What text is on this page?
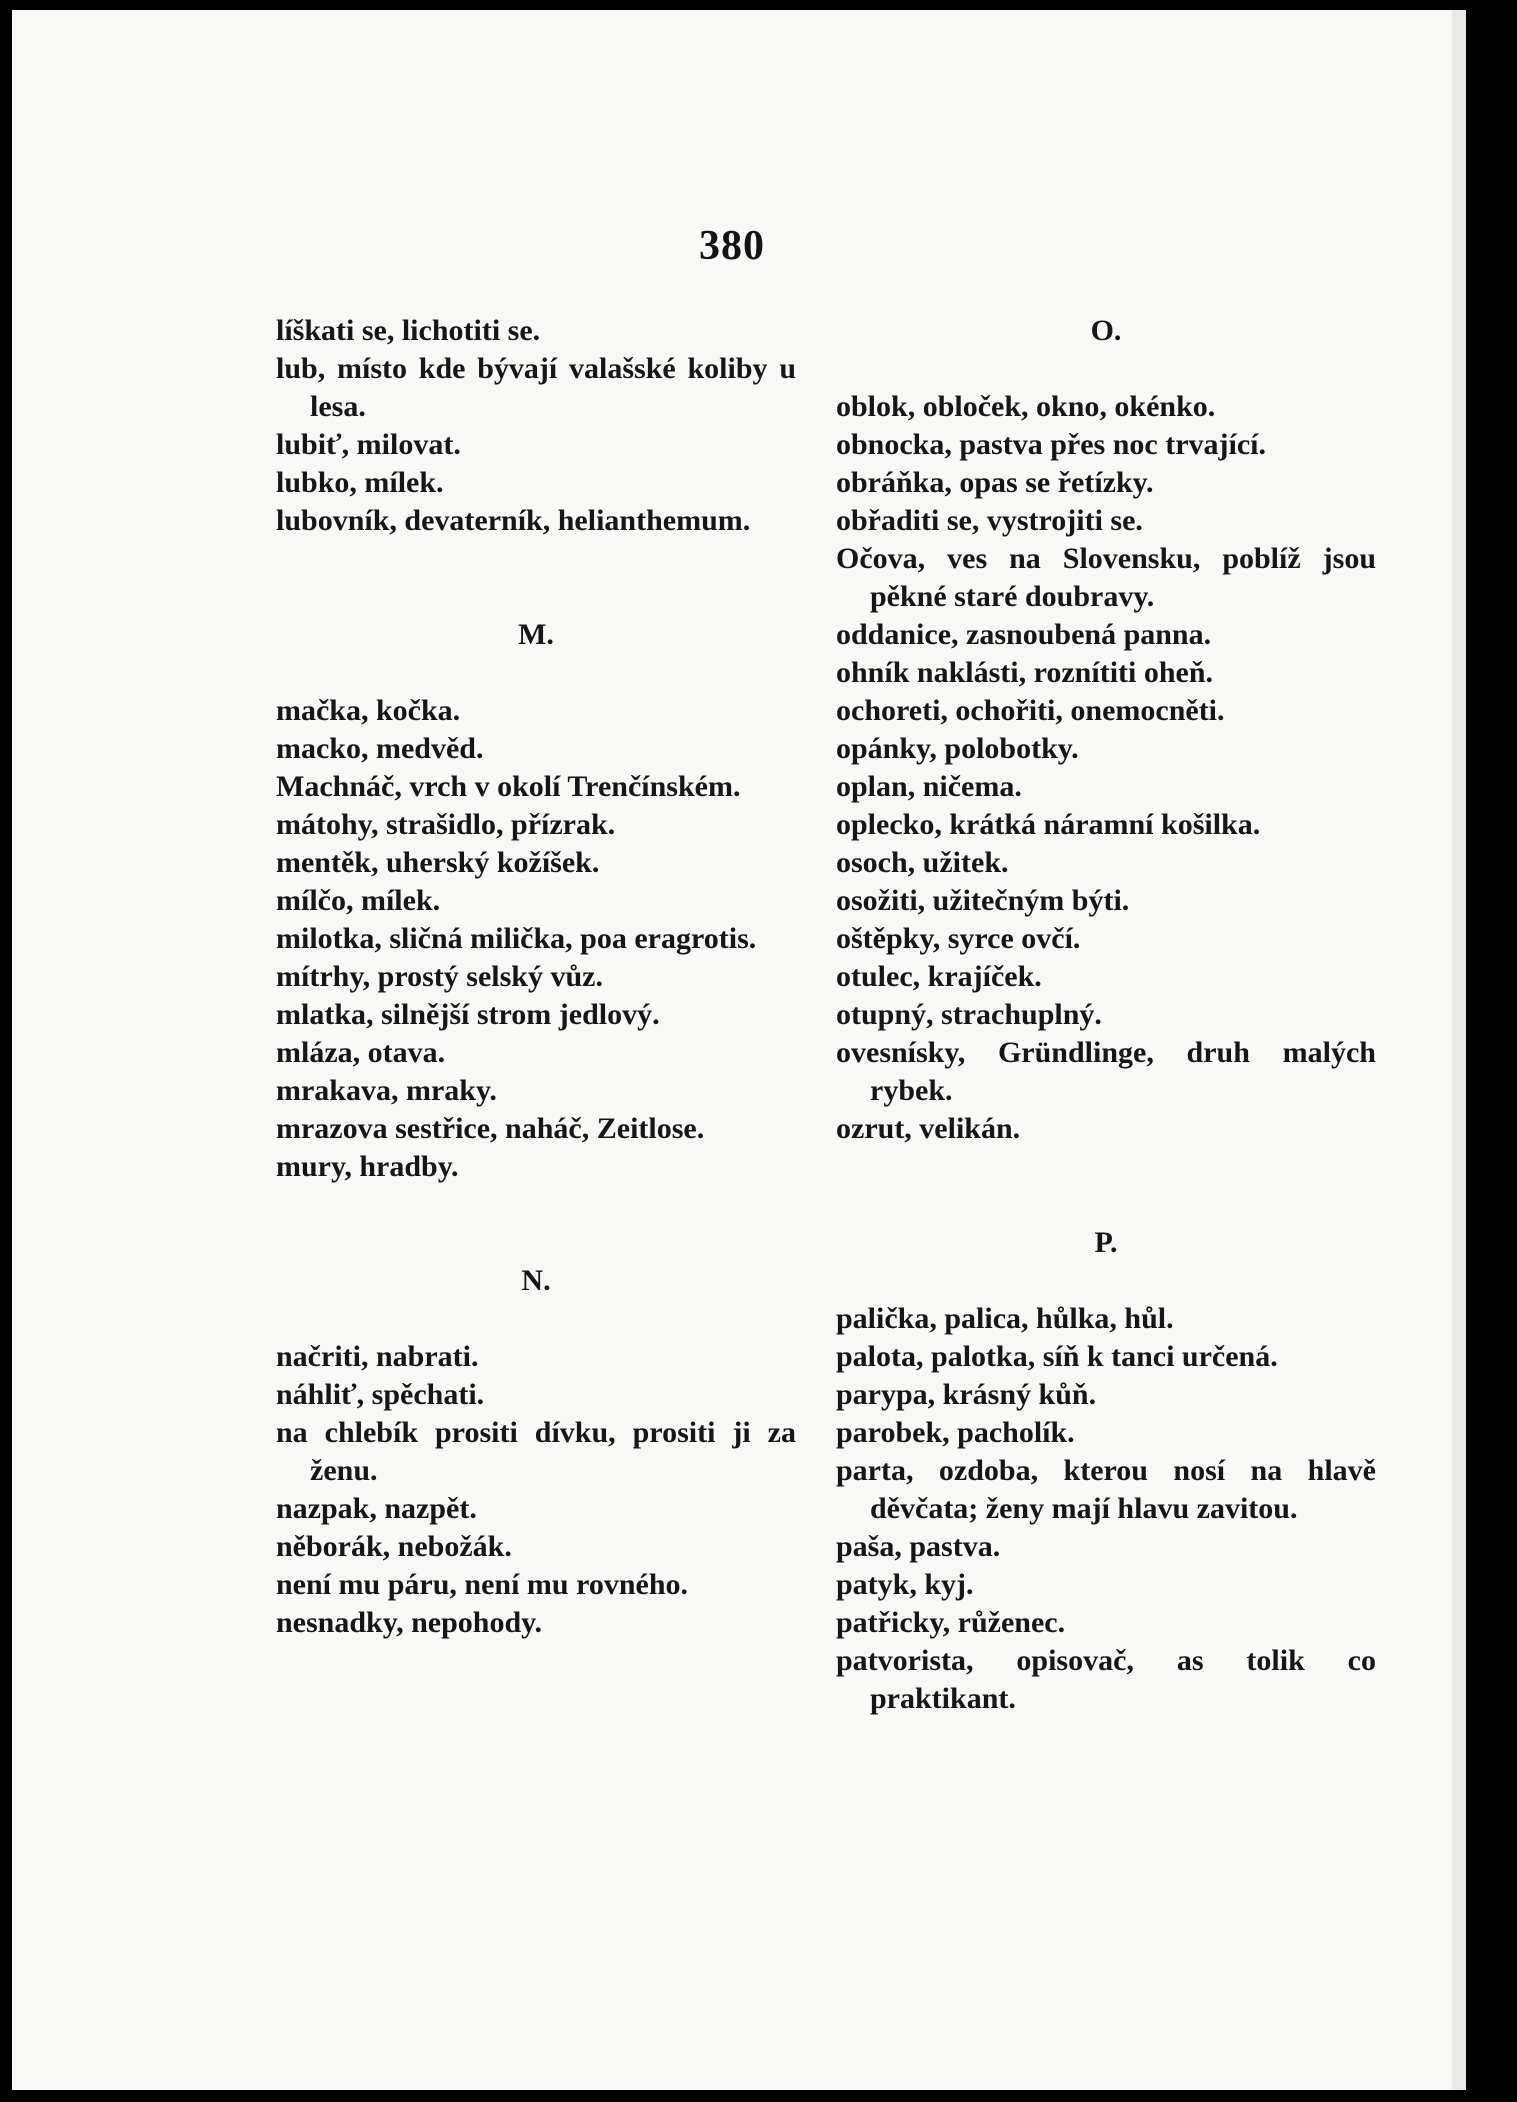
380
líškati se, lichotiti se.
lub, místo kde bývají valašské koliby u lesa.
lubiť, milovat.
lubko, mílek.
lubovník, devaterník, helianthemum.
M.
mačka, kočka.
macko, medvěd.
Machnáč, vrch v okolí Trenčínském.
mátohy, strašidlo, přízrak.
mentěk, uherský kožíšek.
mílčo, mílek.
milotka, sličná milička, poa eragrotis.
mítrhy, prostý selský vůz.
mlatka, silnější strom jedlový.
mláza, otava.
mrakava, mraky.
mrazova sestřice, naháč, Zeitlose.
mury, hradby.
N.
načriti, nabrati.
náhliť, spěchati.
na chlebík prositi dívku, prositi ji za ženu.
nazpak, nazpět.
něborák, nebožák.
není mu páru, není mu rovného.
nesnadky, nepohody.
O.
oblok, obloček, okno, okénko.
obnocka, pastva přes noc trvající.
obráňka, opas se řetízky.
obřaditi se, vystrojiti se.
Očova, ves na Slovensku, poblíž jsou pěkné staré doubravy.
oddanice, zasnoubená panna.
ohník naklásti, roznítiti oheň.
ochoreti, ochořiti, onemocněti.
opánky, polobotky.
oplan, ničema.
oplecko, krátká náramní košilka.
osoch, užitek.
osožiti, užitečným býti.
oštěpky, syrce ovčí.
otulec, krajíček.
otupný, strachuplný.
ovesnísky, Gründlinge, druh malých rybek.
ozrut, velikán.
P.
palička, palica, hůlka, hůl.
palota, palotka, síň k tanci určená.
parypa, krásný kůň.
parobek, pacholík.
parta, ozdoba, kterou nosí na hlavě děvčata; ženy mají hlavu zavitou.
paša, pastva.
patyk, kyj.
patřicky, růženec.
patvorista, opisovač, as tolik co praktikant.
